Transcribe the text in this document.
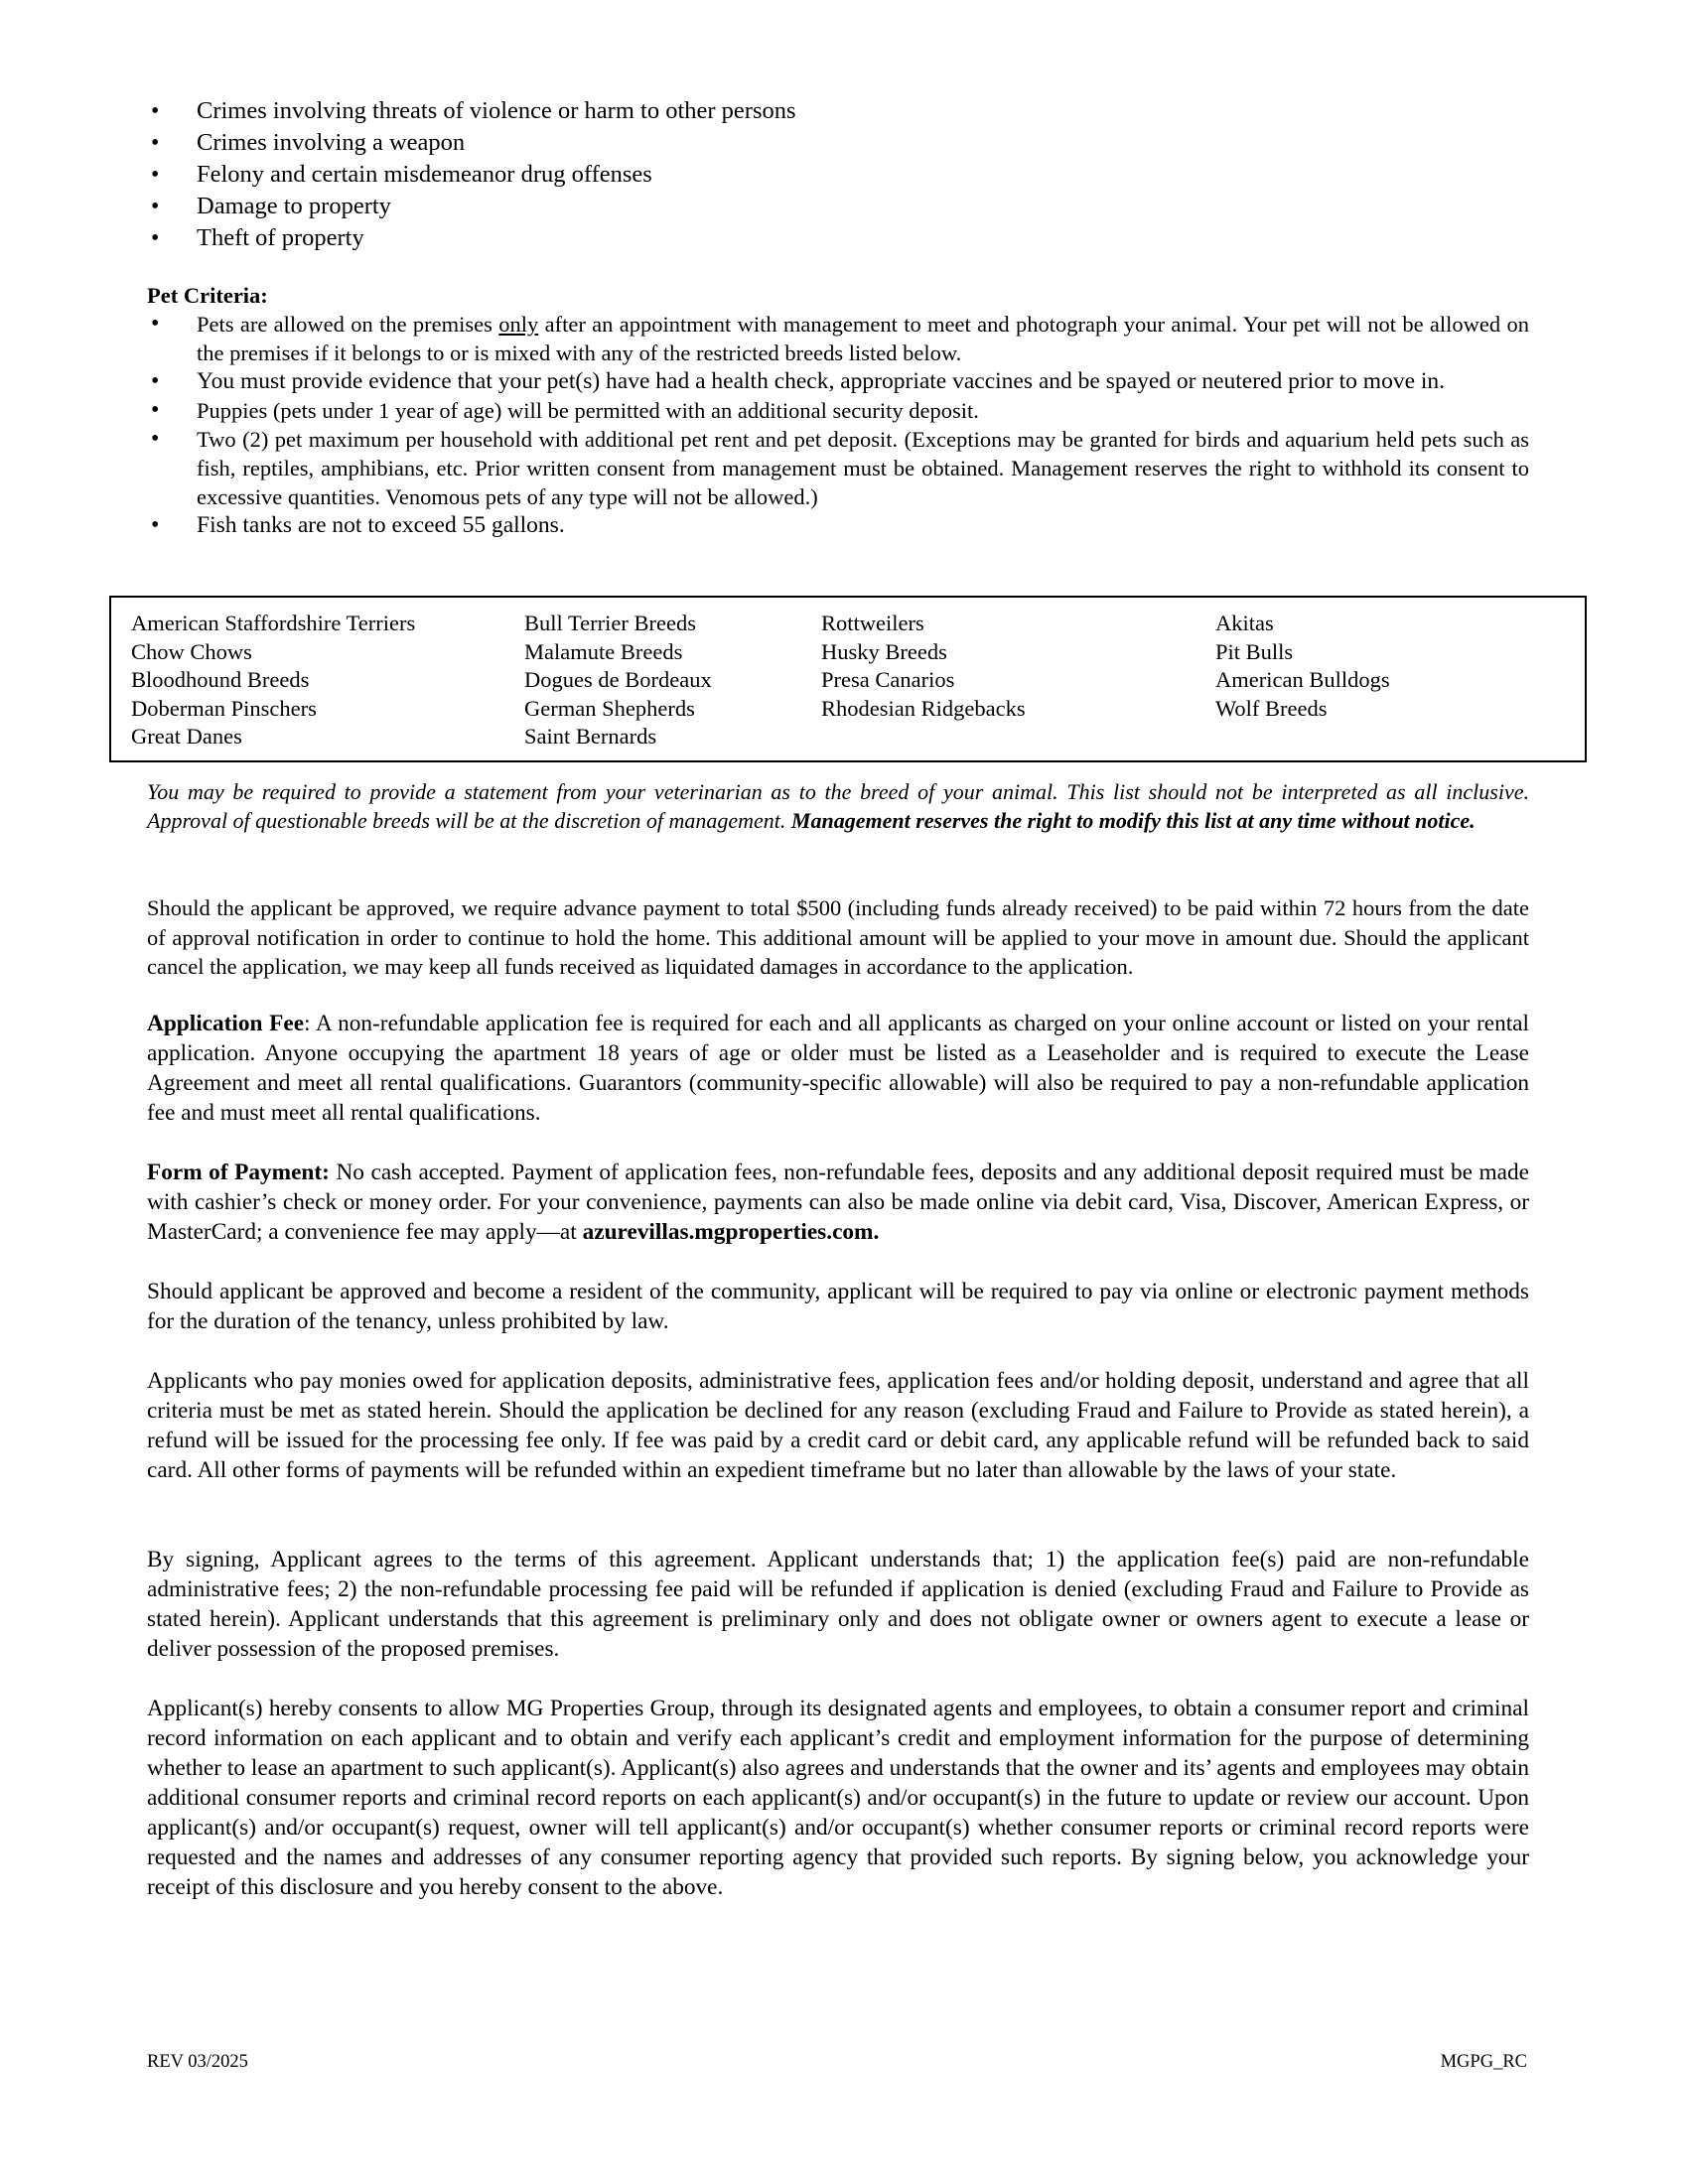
• Crimes involving threats of violence or harm to other persons
• Crimes involving a weapon
• Felony and certain misdemeanor drug offenses
• Damage to property
• Theft of property
Pet Criteria:
• Pets are allowed on the premises only after an appointment with management to meet and photograph your animal. Your pet will not be allowed on the premises if it belongs to or is mixed with any of the restricted breeds listed below.
• You must provide evidence that your pet(s) have had a health check, appropriate vaccines and be spayed or neutered prior to move in.
• Puppies (pets under 1 year of age) will be permitted with an additional security deposit.
• Two (2) pet maximum per household with additional pet rent and pet deposit. (Exceptions may be granted for birds and aquarium held pets such as fish, reptiles, amphibians, etc. Prior written consent from management must be obtained. Management reserves the right to withhold its consent to excessive quantities. Venomous pets of any type will not be allowed.)
• Fish tanks are not to exceed 55 gallons.
American Staffordshire Terriers
Chow Chows
Bloodhound Breeds
Doberman Pinschers
Great Danes
Bull Terrier Breeds
Malamute Breeds
Dogues de Bordeaux
German Shepherds
Saint Bernards
Rottweilers
Husky Breeds
Presa Canarios
Rhodesian Ridgebacks
Akitas
Pit Bulls
American Bulldogs
Wolf Breeds
You may be required to provide a statement from your veterinarian as to the breed of your animal. This list should not be interpreted as all inclusive. Approval of questionable breeds will be at the discretion of management. Management reserves the right to modify this list at any time without notice.
Should the applicant be approved, we require advance payment to total $500 (including funds already received) to be paid within 72 hours from the date of approval notification in order to continue to hold the home. This additional amount will be applied to your move in amount due. Should the applicant cancel the application, we may keep all funds received as liquidated damages in accordance to the application.
Application Fee: A non-refundable application fee is required for each and all applicants as charged on your online account or listed on your rental application. Anyone occupying the apartment 18 years of age or older must be listed as a Leaseholder and is required to execute the Lease Agreement and meet all rental qualifications. Guarantors (community-specific allowable) will also be required to pay a non-refundable application fee and must meet all rental qualifications.
Form of Payment: No cash accepted. Payment of application fees, non-refundable fees, deposits and any additional deposit required must be made with cashier’s check or money order. For your convenience, payments can also be made online via debit card, Visa, Discover, American Express, or MasterCard; a convenience fee may apply—at azurevillas.mgproperties.com.
Should applicant be approved and become a resident of the community, applicant will be required to pay via online or electronic payment methods for the duration of the tenancy, unless prohibited by law.
Applicants who pay monies owed for application deposits, administrative fees, application fees and/or holding deposit, understand and agree that all criteria must be met as stated herein. Should the application be declined for any reason (excluding Fraud and Failure to Provide as stated herein), a refund will be issued for the processing fee only. If fee was paid by a credit card or debit card, any applicable refund will be refunded back to said card. All other forms of payments will be refunded within an expedient timeframe but no later than allowable by the laws of your state.
By signing, Applicant agrees to the terms of this agreement. Applicant understands that; 1) the application fee(s) paid are non-refundable administrative fees; 2) the non-refundable processing fee paid will be refunded if application is denied (excluding Fraud and Failure to Provide as stated herein). Applicant understands that this agreement is preliminary only and does not obligate owner or owners agent to execute a lease or deliver possession of the proposed premises.
Applicant(s) hereby consents to allow MG Properties Group, through its designated agents and employees, to obtain a consumer report and criminal record information on each applicant and to obtain and verify each applicant’s credit and employment information for the purpose of determining whether to lease an apartment to such applicant(s). Applicant(s) also agrees and understands that the owner and its’ agents and employees may obtain additional consumer reports and criminal record reports on each applicant(s) and/or occupant(s) in the future to update or review our account. Upon applicant(s) and/or occupant(s) request, owner will tell applicant(s) and/or occupant(s) whether consumer reports or criminal record reports were requested and the names and addresses of any consumer reporting agency that provided such reports. By signing below, you acknowledge your receipt of this disclosure and you hereby consent to the above.
REV 03/2025	MGPG_RC
